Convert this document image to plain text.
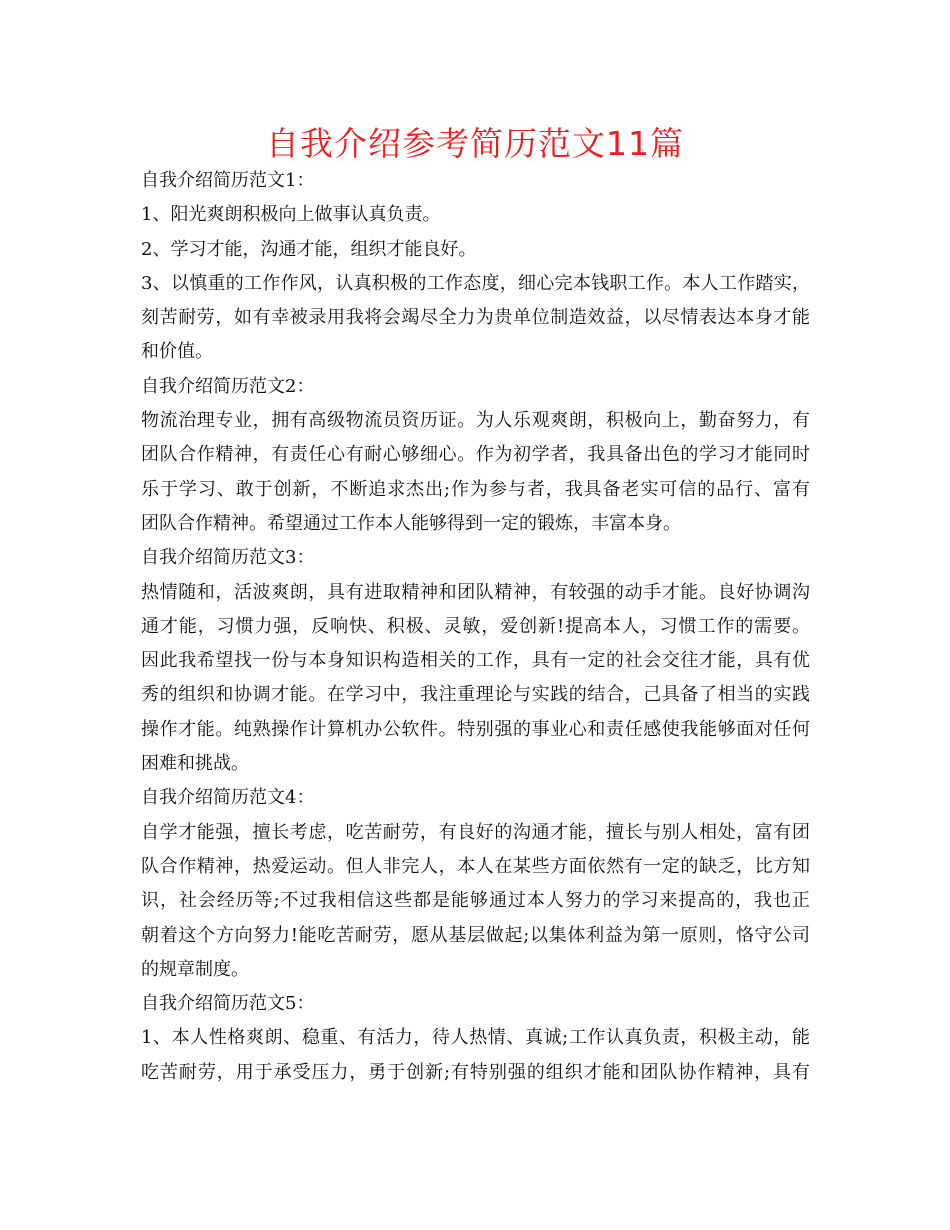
自我介绍参考简历范文11篇
自我介绍简历范文1：
1、阳光爽朗积极向上做事认真负责。
2、学习才能，沟通才能，组织才能良好。
3、以慎重的工作作风，认真积极的工作态度，细心完本钱职工作。本人工作踏实，
刻苦耐劳，如有幸被录用我将会竭尽全力为贵单位制造效益，以尽情表达本身才能
和价值。
自我介绍简历范文2：
物流治理专业，拥有高级物流员资历证。为人乐观爽朗，积极向上，勤奋努力，有
团队合作精神，有责任心有耐心够细心。作为初学者，我具备出色的学习才能同时
乐于学习、敢于创新，不断追求杰出;作为参与者，我具备老实可信的品行、富有
团队合作精神。希望通过工作本人能够得到一定的锻炼，丰富本身。
自我介绍简历范文3：
热情随和，活波爽朗，具有进取精神和团队精神，有较强的动手才能。良好协调沟
通才能，习惯力强，反响快、积极、灵敏，爱创新!提高本人，习惯工作的需要。
因此我希望找一份与本身知识构造相关的工作，具有一定的社会交往才能，具有优
秀的组织和协调才能。在学习中，我注重理论与实践的结合，己具备了相当的实践
操作才能。纯熟操作计算机办公软件。特别强的事业心和责任感使我能够面对任何
困难和挑战。
自我介绍简历范文4：
自学才能强，擅长考虑，吃苦耐劳，有良好的沟通才能，擅长与别人相处，富有团
队合作精神，热爱运动。但人非完人，本人在某些方面依然有一定的缺乏，比方知
识，社会经历等;不过我相信这些都是能够通过本人努力的学习来提高的，我也正
朝着这个方向努力!能吃苦耐劳，愿从基层做起;以集体利益为第一原则，恪守公司
的规章制度。
自我介绍简历范文5：
1、本人性格爽朗、稳重、有活力，待人热情、真诚;工作认真负责，积极主动，能
吃苦耐劳，用于承受压力，勇于创新;有特别强的组织才能和团队协作精神，具有
